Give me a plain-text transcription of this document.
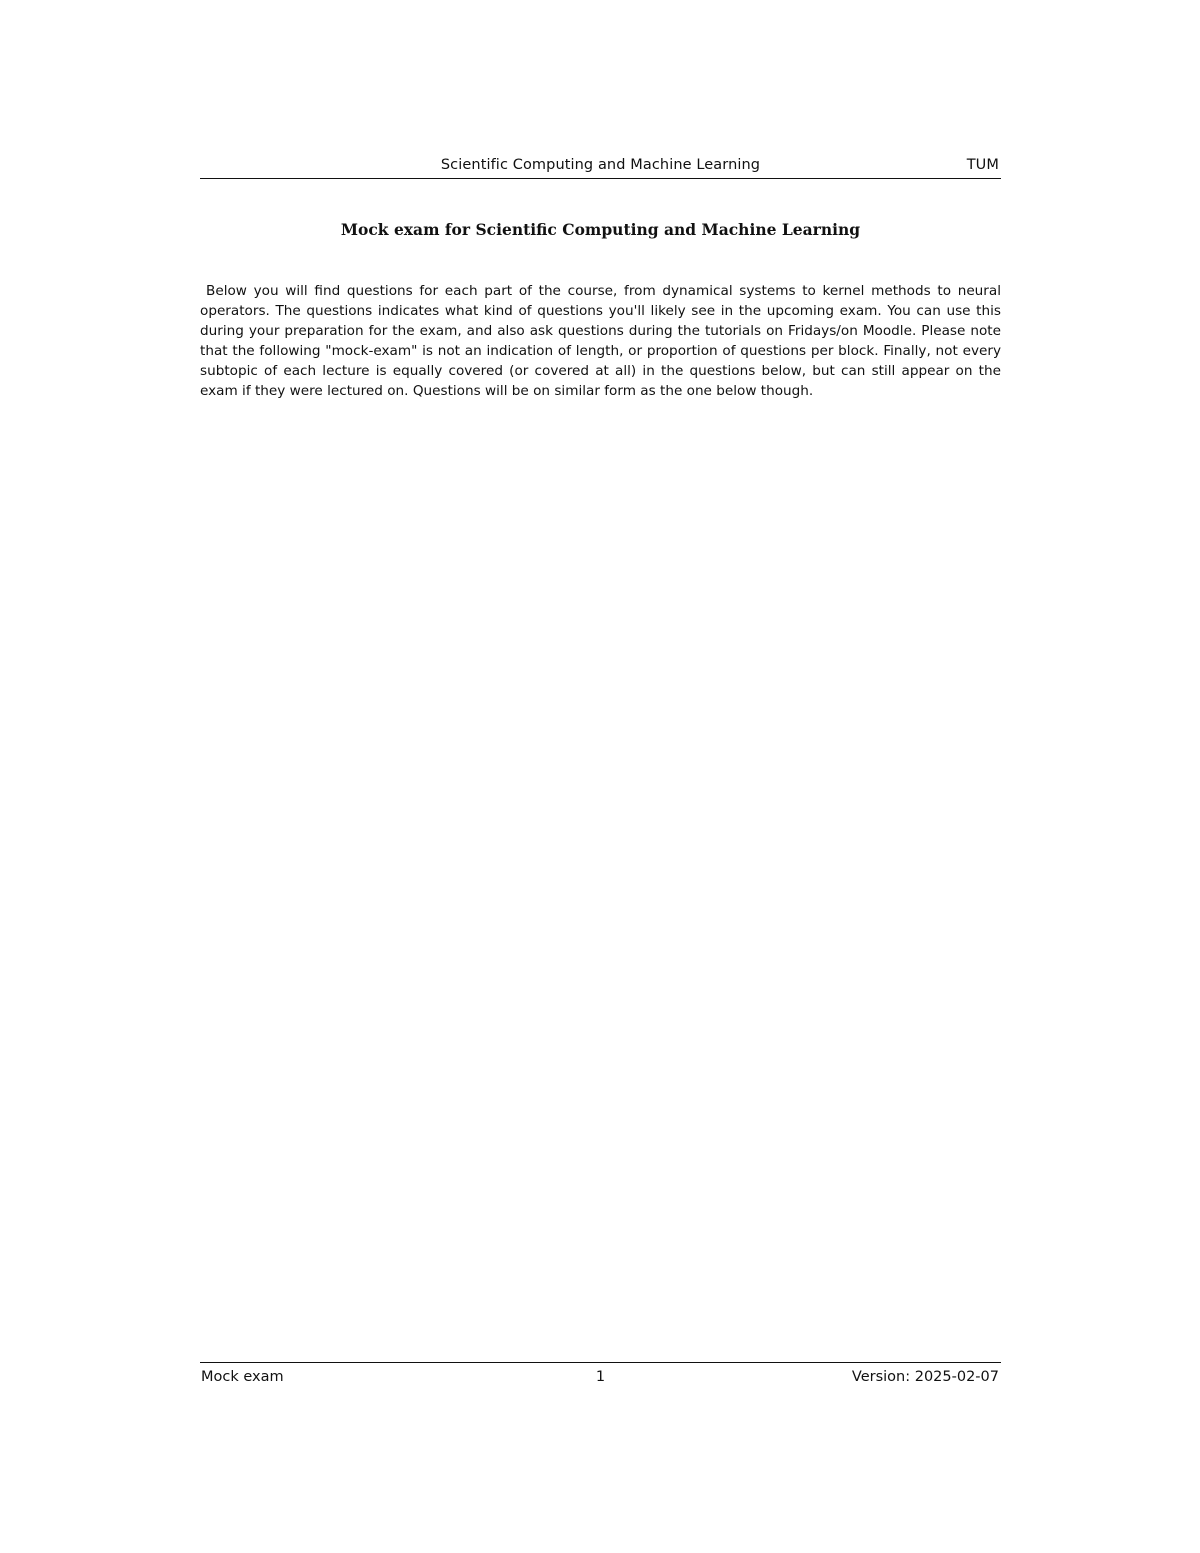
Scientific Computing and Machine Learning	TUM
Mock exam for Scientific Computing and Machine Learning

Below you will find questions for each part of the course, from dynamical systems to kernel methods to neural operators. The questions indicates what kind of questions you'll likely see in the upcoming exam. You can use this during your preparation for the exam, and also ask questions during the tutorials on Fridays/on Moodle. Please note that the following "mock-exam" is not an indication of length, or proportion of questions per block. Finally, not every subtopic of each lecture is equally covered (or covered at all) in the questions below, but can still appear on the exam if they were lectured on. Questions will be on similar form as the one below though.

Mock exam	1	Version: 2025-02-07
